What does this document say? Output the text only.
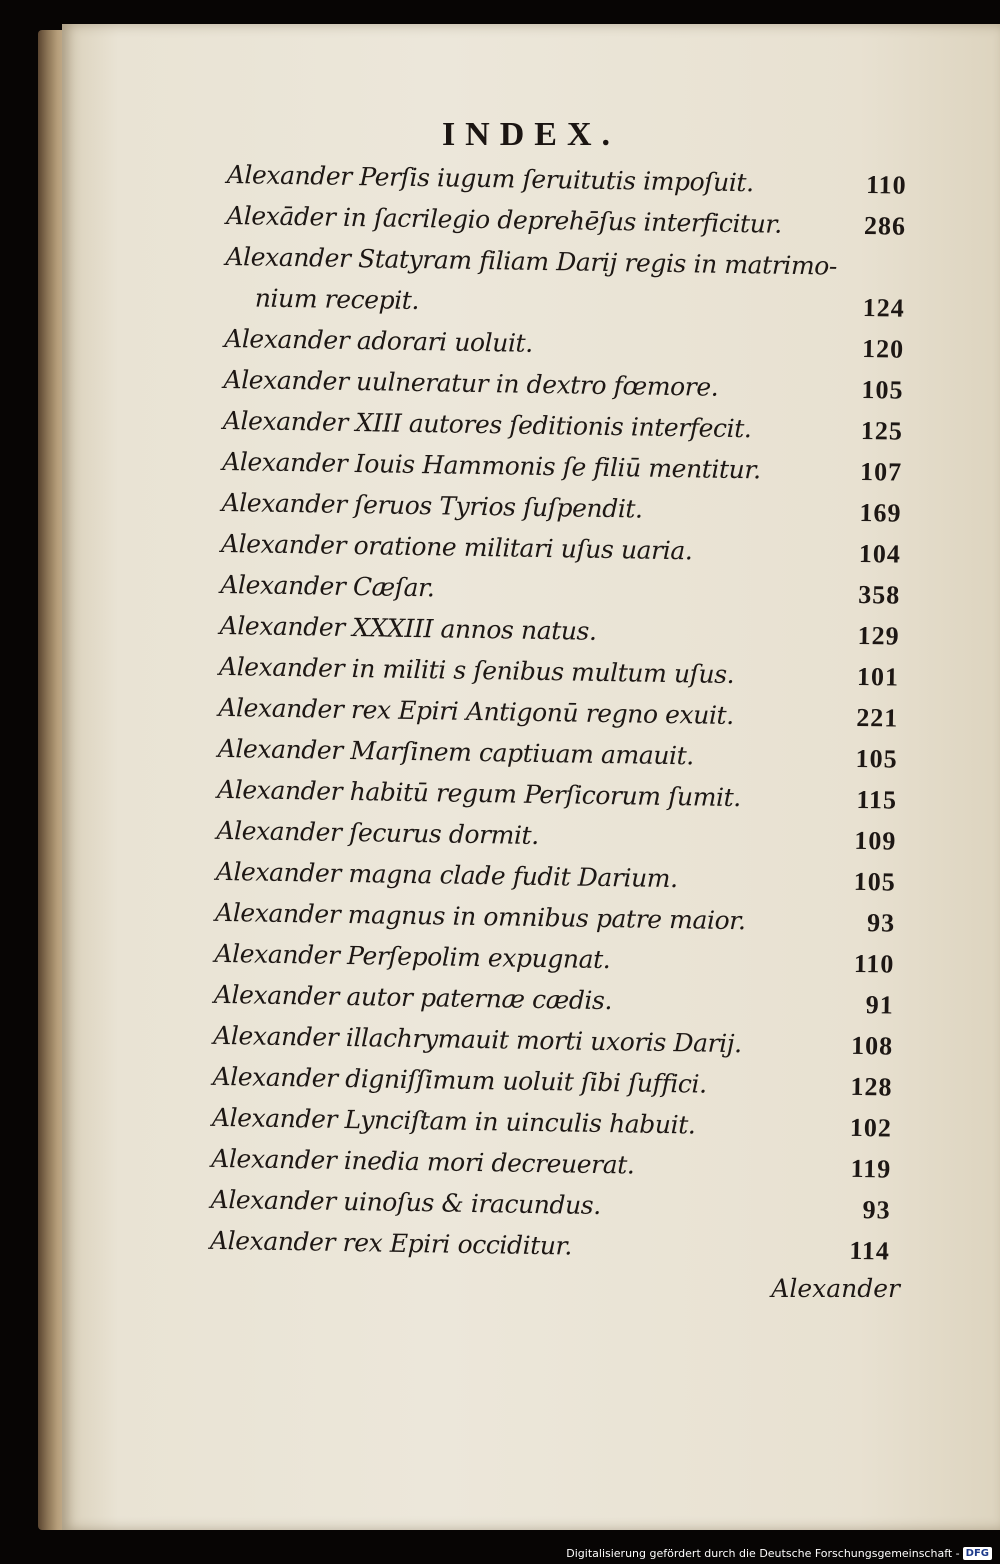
INDEX.
Alexander Perſis iugum ſeruitutis impoſuit.	110
Alexāder in ſacrilegio deprehēſus interficitur.	286
Alexander Statyram filiam Darij regis in matrimo-
nium recepit.	124
Alexander adorari uoluit.	120
Alexander uulneratur in dextro fœmore.	105
Alexander XIII autores ſeditionis interfecit.	125
Alexander Iouis Hammonis ſe filiū mentitur.	107
Alexander ſeruos Tyrios ſuſpendit.	169
Alexander oratione militari uſus uaria.	104
Alexander Cæſar.	358
Alexander XXXIII annos natus.	129
Alexander in militi s ſenibus multum uſus.	101
Alexander rex Epiri Antigonū regno exuit.	221
Alexander Marſinem captiuam amauit.	105
Alexander habitū regum Perſicorum ſumit.	115
Alexander ſecurus dormit.	109
Alexander magna clade fudit Darium.	105
Alexander magnus in omnibus patre maior.	93
Alexander Perſepolim expugnat.	110
Alexander autor paternæ cædis.	91
Alexander illachrymauit morti uxoris Darij.	108
Alexander digniſſimum uoluit ſibi ſuffici.	128
Alexander Lynciſtam in uinculis habuit.	102
Alexander inedia mori decreuerat.	119
Alexander uinoſus & iracundus.	93
Alexander rex Epiri occiditur.	114
Alexander
Digitalisierung gefördert durch die Deutsche Forschungsgemeinschaft - DFG
